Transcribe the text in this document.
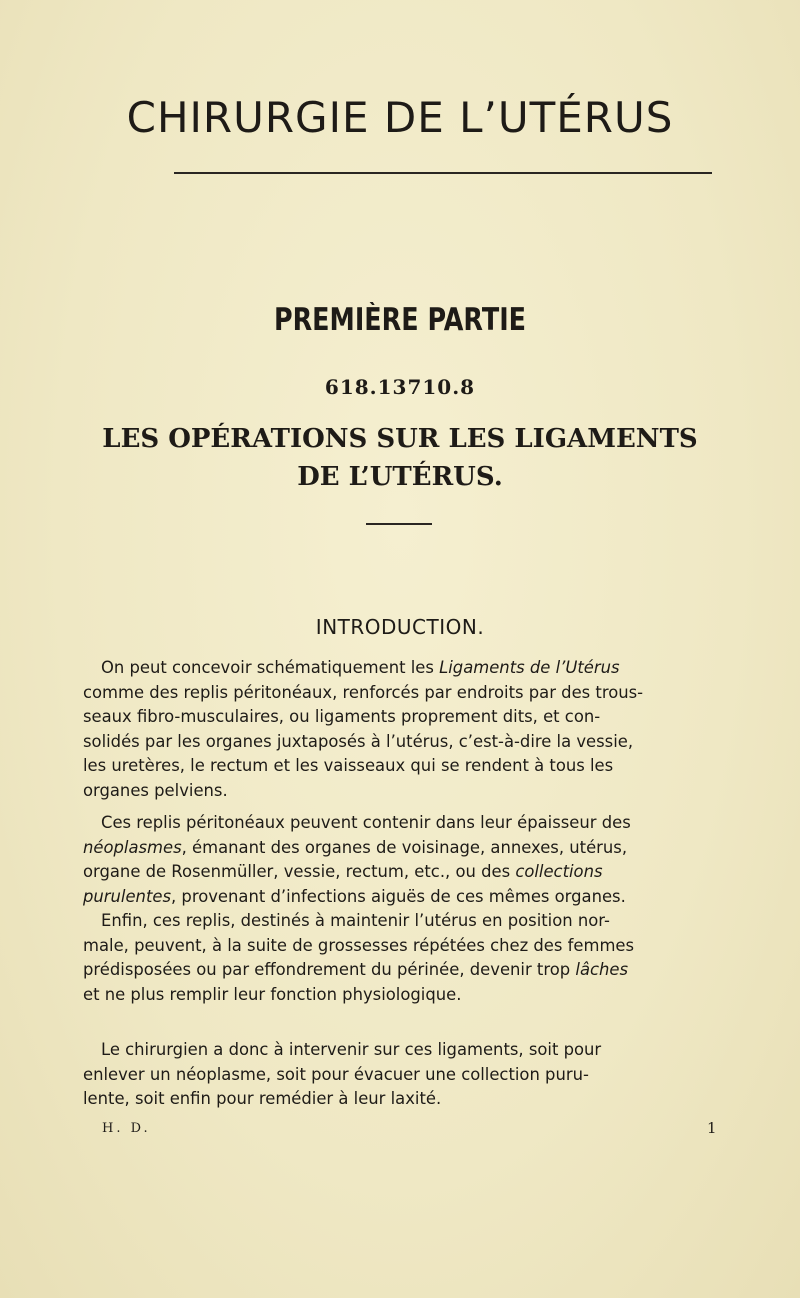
CHIRURGIE DE L’UTÉRUS
PREMIÈRE PARTIE
618.13710.8
LES OPÉRATIONS SUR LES LIGAMENTS
DE L’UTÉRUS.
INTRODUCTION.

On peut concevoir schématiquement les Ligaments de l’Utérus
comme des replis péritonéaux, renforcés par endroits par des trous-
seaux fibro-musculaires, ou ligaments proprement dits, et con-
solidés par les organes juxtaposés à l’utérus, c’est-à-dire la vessie,
les uretères, le rectum et les vaisseaux qui se rendent à tous les
organes pelviens.

Ces replis péritonéaux peuvent contenir dans leur épaisseur des
néoplasmes, émanant des organes de voisinage, annexes, utérus,
organe de Rosenmüller, vessie, rectum, etc., ou des collections
purulentes, provenant d’infections aiguës de ces mêmes organes.
Enfin, ces replis, destinés à maintenir l’utérus en position nor-
male, peuvent, à la suite de grossesses répétées chez des femmes
prédisposées ou par effondrement du périnée, devenir trop lâches
et ne plus remplir leur fonction physiologique.

Le chirurgien a donc à intervenir sur ces ligaments, soit pour
enlever un néoplasme, soit pour évacuer une collection puru-
lente, soit enfin pour remédier à leur laxité.

H. D.	1
